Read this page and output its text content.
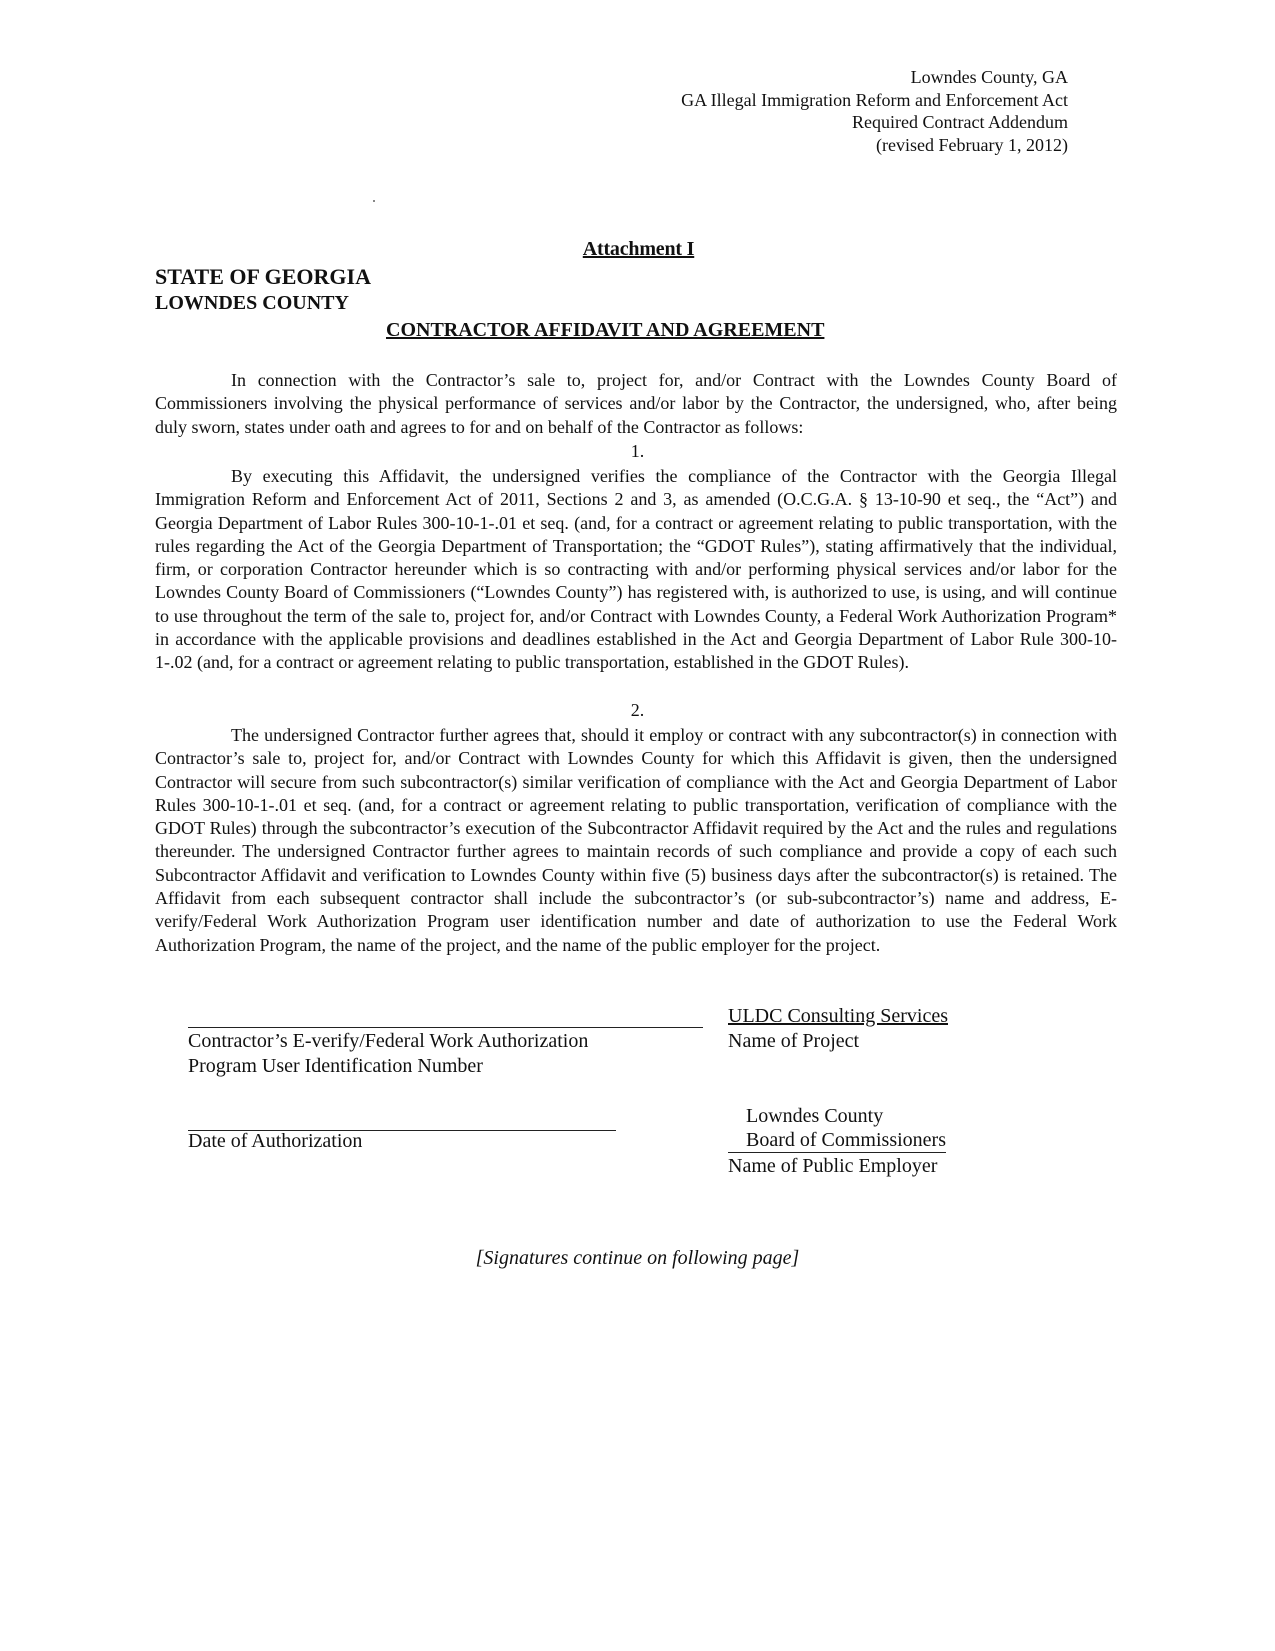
Lowndes County, GA
GA Illegal Immigration Reform and Enforcement Act
Required Contract Addendum
(revised February 1, 2012)
Attachment I
STATE OF GEORGIA
LOWNDES COUNTY
CONTRACTOR AFFIDAVIT AND AGREEMENT
In connection with the Contractor’s sale to, project for, and/or Contract with the Lowndes County Board of Commissioners involving the physical performance of services and/or labor by the Contractor, the undersigned, who, after being duly sworn, states under oath and agrees to for and on behalf of the Contractor as follows:
1.
By executing this Affidavit, the undersigned verifies the compliance of the Contractor with the Georgia Illegal Immigration Reform and Enforcement Act of 2011, Sections 2 and 3, as amended (O.C.G.A. § 13-10-90 et seq., the “Act”) and Georgia Department of Labor Rules 300-10-1-.01 et seq. (and, for a contract or agreement relating to public transportation, with the rules regarding the Act of the Georgia Department of Transportation; the “GDOT Rules”), stating affirmatively that the individual, firm, or corporation Contractor hereunder which is so contracting with and/or performing physical services and/or labor for the Lowndes County Board of Commissioners (“Lowndes County”) has registered with, is authorized to use, is using, and will continue to use throughout the term of the sale to, project for, and/or Contract with Lowndes County, a Federal Work Authorization Program* in accordance with the applicable provisions and deadlines established in the Act and Georgia Department of Labor Rule 300-10-1-.02 (and, for a contract or agreement relating to public transportation, established in the GDOT Rules).
2.
The undersigned Contractor further agrees that, should it employ or contract with any subcontractor(s) in connection with Contractor’s sale to, project for, and/or Contract with Lowndes County for which this Affidavit is given, then the undersigned Contractor will secure from such subcontractor(s) similar verification of compliance with the Act and Georgia Department of Labor Rules 300-10-1-.01 et seq. (and, for a contract or agreement relating to public transportation, verification of compliance with the GDOT Rules) through the subcontractor’s execution of the Subcontractor Affidavit required by the Act and the rules and regulations thereunder. The undersigned Contractor further agrees to maintain records of such compliance and provide a copy of each such Subcontractor Affidavit and verification to Lowndes County within five (5) business days after the subcontractor(s) is retained. The Affidavit from each subsequent contractor shall include the subcontractor’s (or sub-subcontractor’s) name and address, E-verify/Federal Work Authorization Program user identification number and date of authorization to use the Federal Work Authorization Program, the name of the project, and the name of the public employer for the project.
Contractor’s E-verify/Federal Work Authorization
Program User Identification Number
ULDC Consulting Services
Name of Project
Date of Authorization
Lowndes County
Board of Commissioners
Name of Public Employer
[Signatures continue on following page]
